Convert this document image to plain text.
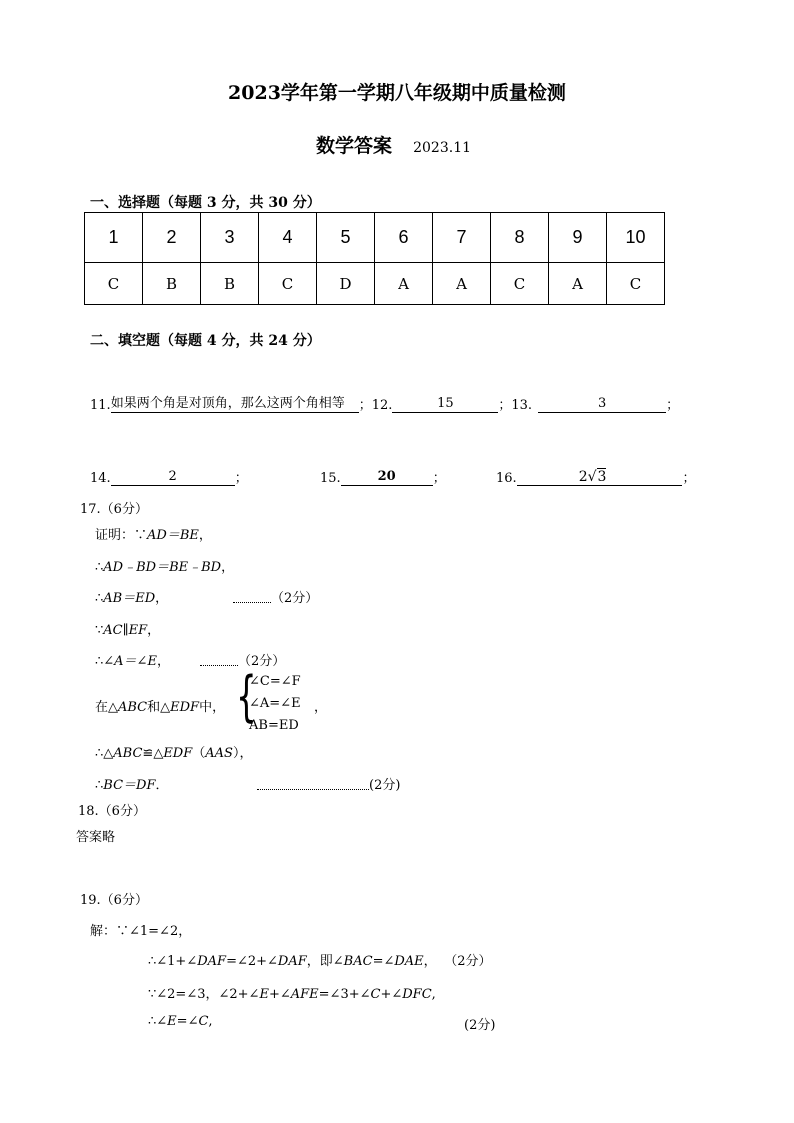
2023学年第一学期八年级期中质量检测
数学答案 2023.11
一、选择题（每题 3 分，共 30 分）
1	2	3	4	5	6	7	8	9	10
C	B	B	C	D	A	A	C	A	C
二、填空题（每题 4 分，共 24 分）
11.如果两个角是对顶角，那么这两个角相等 ；12.	15	；13.	3	；
14.	2	；	15.	20	；	16.	2√3	；
17.（6分）
证明：∵AD＝BE，
∴AD﹣BD＝BE﹣BD，
∴AB＝ED，	（2分）
∵AC∥EF，
∴∠A＝∠E，	（2分）
在△ABC和△EDF中， {
∠C=∠F
∠A=∠E
AB=ED
，
∴△ABC≌△EDF（AAS），
∴BC＝DF．	(2分)
18.（6分）
答案略
19.（6分）
解：∵∠1=∠2，
∴∠1+∠DAF=∠2+∠DAF，即∠BAC=∠DAE， （2分）
∵∠2=∠3，∠2+∠E+∠AFE=∠3+∠C+∠DFC,
∴∠E=∠C,	(2分)
